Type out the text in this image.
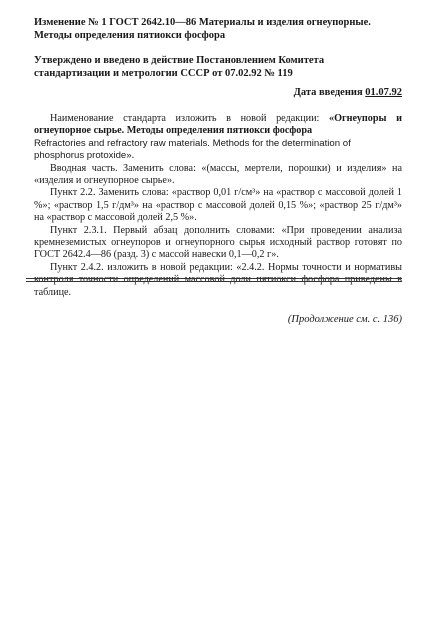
Изменение № 1 ГОСТ 2642.10—86 Материалы и изделия огнеупорные. Методы определения пятиокси фосфора

Утверждено и введено в действие Постановлением Комитета стандартизации и метрологии СССР от 07.02.92 № 119

Дата введения 01.07.92

Наименование стандарта изложить в новой редакции: «Огнеупоры и огнеупорное сырье. Методы определения пятиокси фосфора

Refractories and refractory raw materials. Methods for the determination of

phosphorus protoxide».

Вводная часть. Заменить слова: «(массы, мертели, порошки) и изделия» на «изделия и огнеупорное сырье».

Пункт 2.2. Заменить слова: «раствор 0,01 г/см³» на «раствор с массовой долей 1 %»; «раствор 1,5 г/дм³» на «раствор с массовой долей 0,15 %»; «раствор 25 г/дм³» на «раствор с массовой долей 2,5 %».

Пункт 2.3.1. Первый абзац дополнить словами: «При проведении анализа кремнеземистых огнеупоров и огнеупорного сырья исходный раствор готовят по ГОСТ 2642.4—86 (разд. 3) с массой навески 0,1—0,2 г».

Пункт 2.4.2. изложить в новой редакции: «2.4.2. Нормы точности и нормативы контроля точности определений массовой доли пятиокси фосфора приведены в таблице.

(Продолжение см. с. 136)
